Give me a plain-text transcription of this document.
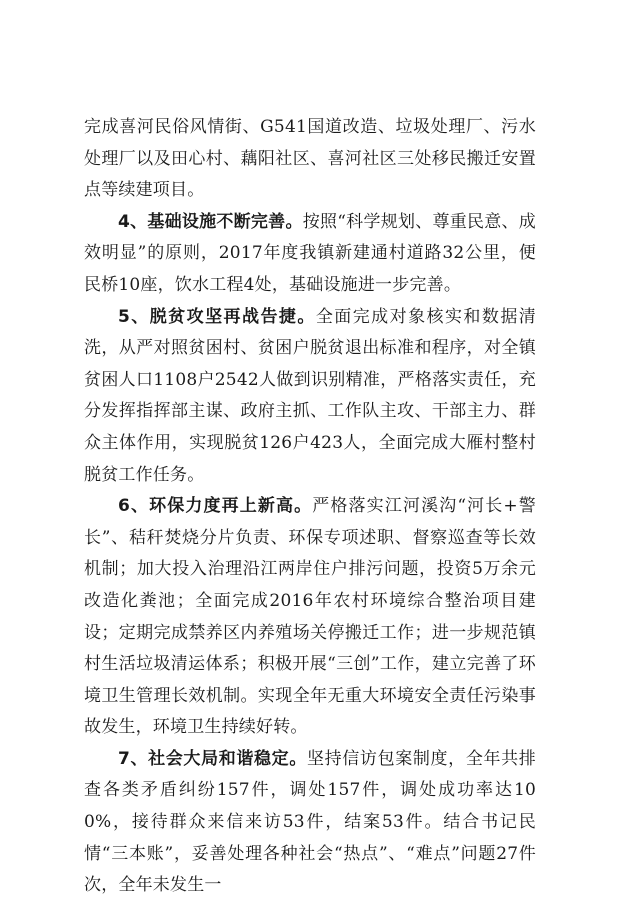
完成喜河民俗风情街、G541国道改造、垃圾处理厂、污水处理厂以及田心村、藕阳社区、喜河社区三处移民搬迁安置点等续建项目。

4、基础设施不断完善。按照“科学规划、尊重民意、成效明显”的原则，2017年度我镇新建通村道路32公里，便民桥10座，饮水工程4处，基础设施进一步完善。

5、脱贫攻坚再战告捷。全面完成对象核实和数据清洗，从严对照贫困村、贫困户脱贫退出标准和程序，对全镇贫困人口1108户2542人做到识别精准，严格落实责任，充分发挥指挥部主谋、政府主抓、工作队主攻、干部主力、群众主体作用，实现脱贫126户423人，全面完成大雁村整村脱贫工作任务。

6、环保力度再上新高。严格落实江河溪沟“河长+警长”、秸秆焚烧分片负责、环保专项述职、督察巡查等长效机制；加大投入治理沿江两岸住户排污问题，投资5万余元改造化粪池；全面完成2016年农村环境综合整治项目建设；定期完成禁养区内养殖场关停搬迁工作；进一步规范镇村生活垃圾清运体系；积极开展“三创”工作，建立完善了环境卫生管理长效机制。实现全年无重大环境安全责任污染事故发生，环境卫生持续好转。

7、社会大局和谐稳定。坚持信访包案制度，全年共排查各类矛盾纠纷157件，调处157件，调处成功率达100%，接待群众来信来访53件，结案53件。结合书记民情“三本账”，妥善处理各种社会“热点”、“难点”问题27件次，全年未发生一
